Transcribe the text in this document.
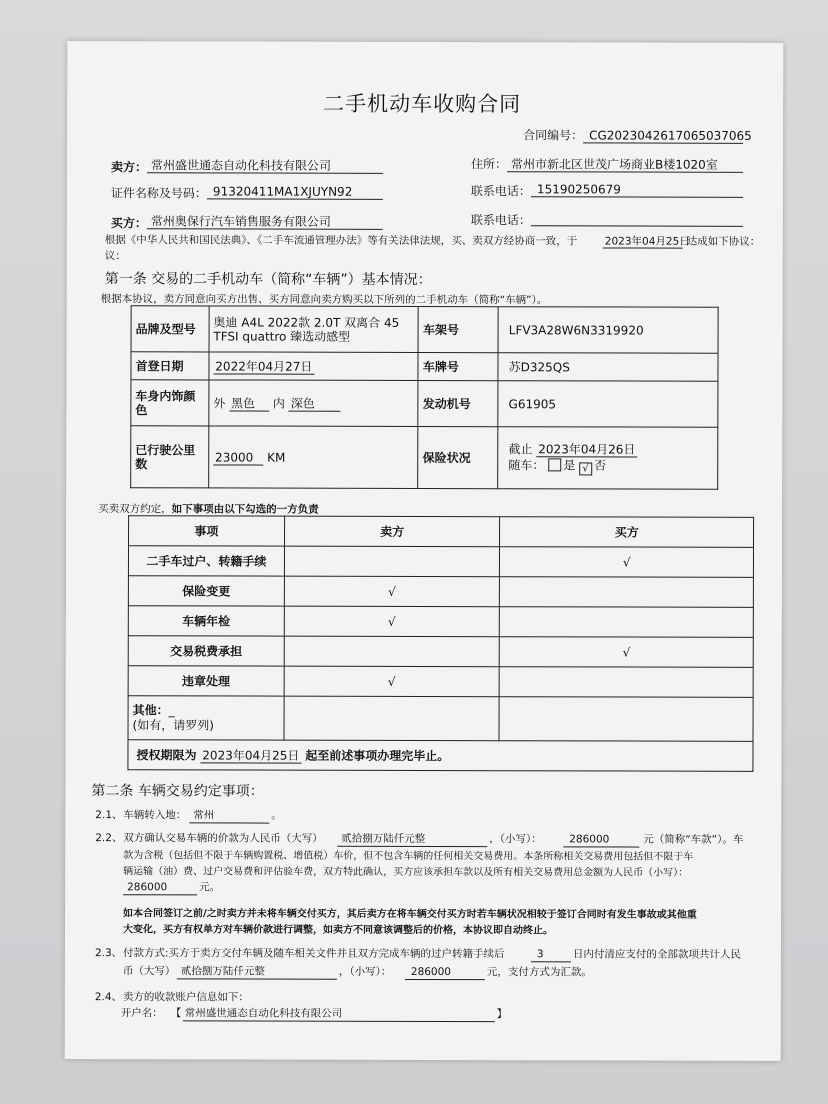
二手机动车收购合同
合同编号： CG2023042617065037065
卖方： 常州盛世通态自动化科技有限公司	住所： 常州市新北区世茂广场商业B楼1020室
证件名称及号码： 91320411MA1XJUYN92	联系电话： 15190250679
买方： 常州奥保行汽车销售服务有限公司	联系电话：
根据《中华人民共和国民法典》、《二手车流通管理办法》等有关法律法规，买、卖双方经协商一致，于	2023年04月25日
达成如下协议：
议：
第一条 交易的二手机动车（简称“车辆”）基本情况：
根据本协议，卖方同意向买方出售、买方同意向卖方购买以下所列的二手机动车（简称“车辆”）。
品牌及型号	奥迪 A4L 2022款 2.0T 双离合 45 TFSI quattro 臻选动感型	车架号	LFV3A28W6N3319920
首登日期	2022年04月27日	车牌号	苏D325QS
车身内饰颜色	外 黑色 内 深色	发动机号	G61905
已行驶公里数	23000 KM	保险状况	截止 2023年04月26日
随车： 是 √ 否
买卖双方约定，如下事项由以下勾选的一方负责
事项	卖方	买方
二手车过户、转籍手续		√
保险变更	√	
车辆年检	√	
交易税费承担		√
违章处理	√	
其他：_
(如有，请罗列)		
授权期限为 2023年04月25日 起至前述事项办理完毕止。		
第二条 车辆交易约定事项：
2.1、 车辆转入地： 常州	。
2.2、 双方确认交易车辆的价款为人民币（大写） 贰拾捌万陆仟元整	，（小写）：	286000	元（简称“车款”）。车
款为含税（包括但不限于车辆购置税、增值税）车价，但不包含车辆的任何相关交易费用。本条所称相关交易费用包括但不限于车
辆运输（油）费、过户交易费和评估验车费，双方特此确认，买方应该承担车款以及所有相关交易费用总金额为人民币（小写）：
286000	元。
如本合同签订之前/之时卖方并未将车辆交付买方，其后卖方在将车辆交付买方时若车辆状况相较于签订合同时有发生事故或其他重
大变化，买方有权单方对车辆价款进行调整，如卖方不同意该调整后的价格，本协议即自动终止。
2.3、 付款方式:买方于卖方交付车辆及随车相关文件并且双方完成车辆的过户转籍手续后	3	日内付清应支付的全部款项共计人民
币（大写） 贰拾捌万陆仟元整	，（小写）： 286000	元，支付方式为汇款。
2.4、 卖方的收款账户信息如下：
开户名： 【 常州盛世通态自动化科技有限公司	】
